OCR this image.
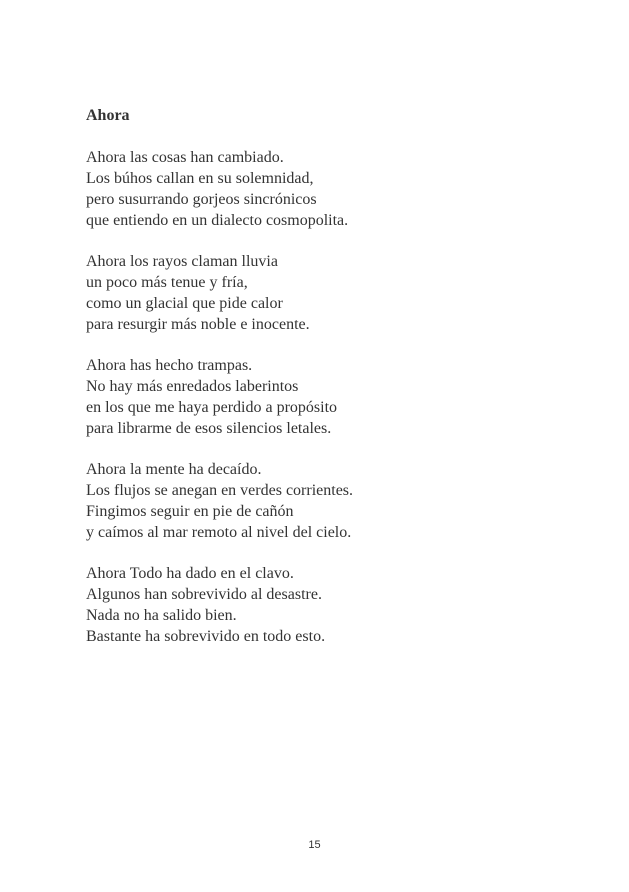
Ahora
Ahora las cosas han cambiado.
Los búhos callan en su solemnidad,
pero susurrando gorjeos sincrónicos
que entiendo en un dialecto cosmopolita.
Ahora los rayos claman lluvia
un poco más tenue y fría,
como un glacial que pide calor
para resurgir más noble e inocente.
Ahora has hecho trampas.
No hay más enredados laberintos
en los que me haya perdido a propósito
para librarme de esos silencios letales.
Ahora la mente ha decaído.
Los flujos se anegan en verdes corrientes.
Fingimos seguir en pie de cañón
y caímos al mar remoto al nivel del cielo.
Ahora Todo ha dado en el clavo.
Algunos han sobrevivido al desastre.
Nada no ha salido bien.
Bastante ha sobrevivido en todo esto.
15
